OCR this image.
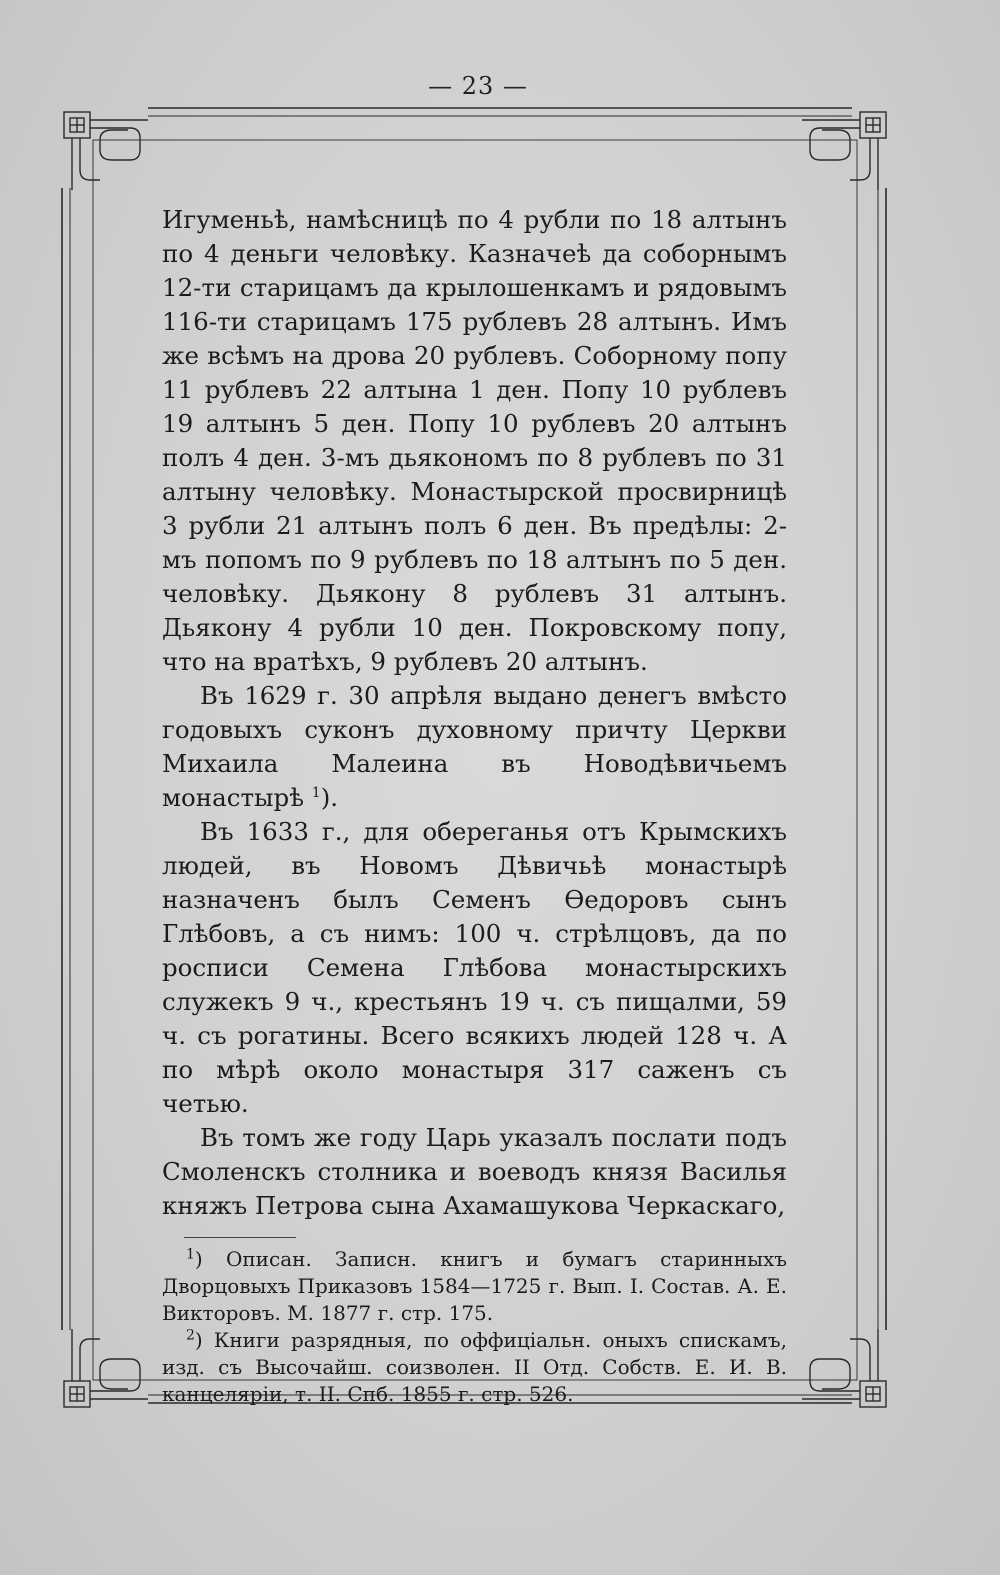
— 23 —

Игуменьѣ, намѣсницѣ по 4 рубли по 18 алтынъ по 4 деньги человѣку. Казначеѣ да соборнымъ 12-ти старицамъ да крылошенкамъ и рядовымъ 116-ти старицамъ 175 рублевъ 28 алтынъ. Имъ же всѣмъ на дрова 20 рублевъ. Соборному попу 11 рублевъ 22 алтына 1 ден. Попу 10 рублевъ 19 алтынъ 5 ден. Попу 10 рублевъ 20 алтынъ полъ 4 ден. 3-мъ дьякономъ по 8 рублевъ по 31 алтыну человѣку. Монастырской просвирницѣ 3 рубли 21 алтынъ полъ 6 ден. Въ предѣлы: 2-мъ попомъ по 9 рублевъ по 18 алтынъ по 5 ден. человѣку. Дьякону 8 рублевъ 31 алтынъ. Дьякону 4 рубли 10 ден. Покровскому попу, что на вратѣхъ, 9 рублевъ 20 алтынъ.

Въ 1629 г. 30 апрѣля выдано денегъ вмѣсто годовыхъ суконъ духовному причту Церкви Михаила Малеина въ Новодѣвичьемъ монастырѣ $^1$).

Въ 1633 г., для обереганья отъ Крымскихъ людей, въ Новомъ Дѣвичьѣ монастырѣ назначенъ былъ Семенъ Өедоровъ сынъ Глѣбовъ, а съ нимъ: 100 ч. стрѣлцовъ, да по росписи Семена Глѣбова монастырскихъ служекъ 9 ч., крестьянъ 19 ч. съ пищалми, 59 ч. съ рогатины. Всего всякихъ людей 128 ч. А по мѣрѣ около монастыря 317 саженъ съ четью.

Въ томъ же году Царь указалъ послати подъ Смоленскъ столника и воеводъ князя Василья княжъ Петрова сына Ахамашукова Черкаскаго,

$^1$) Описан. Записн. книгъ и бумагъ старинныхъ Дворцовыхъ Приказовъ 1584—1725 г. Вып. I. Состав. А. Е. Викторовъ. М. 1877 г. стр. 175.

$^2$) Книги разрядныя, по оффиціальн. оныхъ спискамъ, изд. съ Высочайш. соизволен. II Отд. Собств. Е. И. В. канцеляріи, т. II. Спб. 1855 г. стр. 526.
